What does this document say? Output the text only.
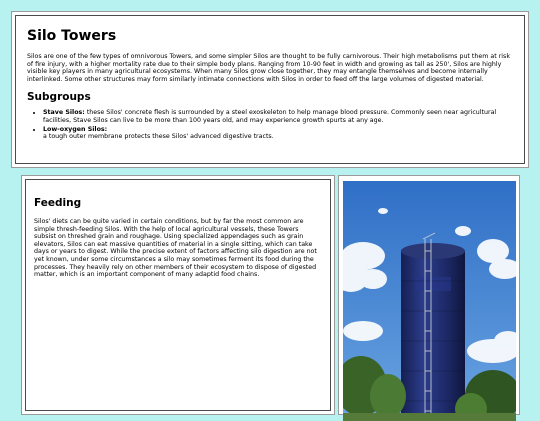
Silo Towers

Silos are one of the few types of omnivorous Towers, and some simpler Silos are thought to be fully carnivorous. Their high metabolisms put them at risk of fire injury, with a higher mortality rate due to their simple body plans. Ranging from 10-90 feet in width and growing as tall as 250', Silos are highly visible key players in many agricultural ecosystems. When many Silos grow close together, they may entangle themselves and become internally interlinked. Some other structures may form similarly intimate connections with Silos in order to feed off the large volumes of digested material.

Subgroups
• Stave Silos: these Silos' concrete flesh is surrounded by a steel exoskeleton to help manage blood pressure. Commonly seen near agricultural facilities, Stave Silos can live to be more than 100 years old, and may experience growth spurts at any age.
• Low-oxygen Silos:
a tough outer membrane protects these Silos' advanced digestive tracts.
Feeding

Silos' diets can be quite varied in certain conditions, but by far the most common are simple thresh-feeding Silos. With the help of local agricultural vessels, these Towers subsist on threshed grain and roughage. Using specialized appendages such as grain elevators, Silos can eat massive quantities of material in a single sitting, which can take days or years to digest. While the precise extent of factors affecting silo digestion are not yet known, under some circumstances a silo may sometimes ferment its food during the processes. They heavily rely on other members of their ecosystem to dispose of digested matter, which is an important component of many adaptid food chains.
